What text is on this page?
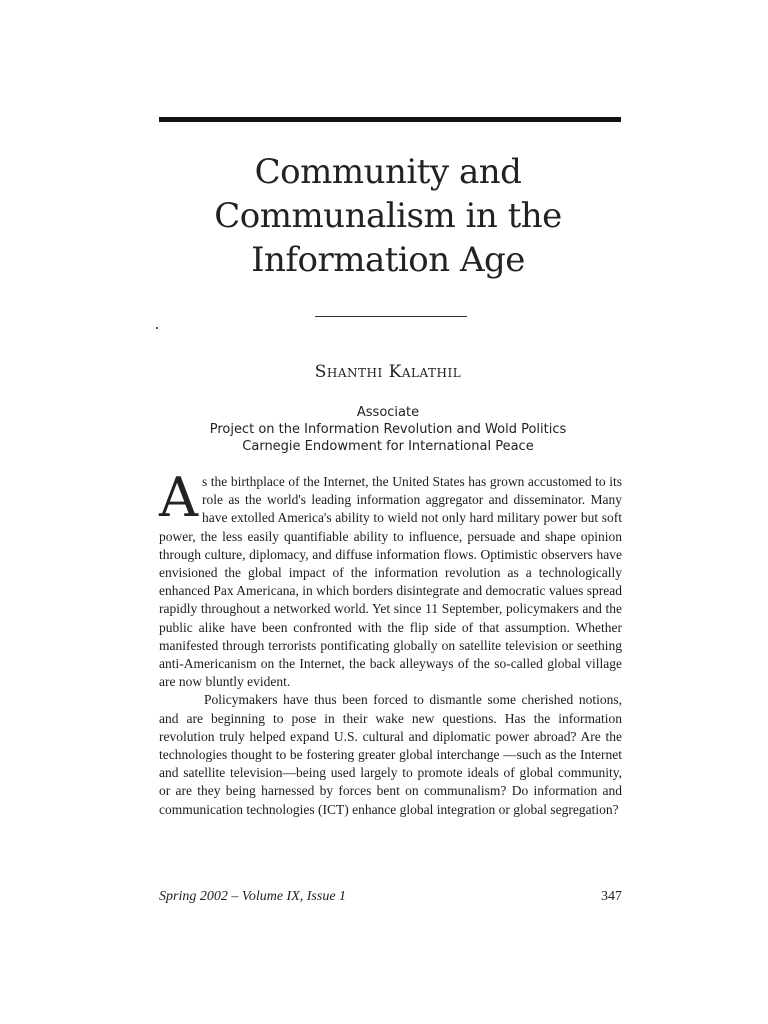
Community and
Communalism in the
Information Age
Shanthi Kalathil
Associate
Project on the Information Revolution and Wold Politics
Carnegie Endowment for International Peace

As the birthplace of the Internet, the United States has grown accustomed to its role as the world's leading information aggregator and disseminator. Many have extolled America's ability to wield not only hard military power but soft power, the less easily quantifiable ability to influence, persuade and shape opinion through culture, diplomacy, and diffuse information flows. Optimistic observers have envisioned the global impact of the information revolution as a technologically enhanced Pax Americana, in which borders disintegrate and democratic values spread rapidly throughout a networked world. Yet since 11 September, policymakers and the public alike have been confronted with the flip side of that assumption. Whether manifested through terrorists pontificating globally on satellite television or seething anti-Americanism on the Internet, the back alleyways of the so-called global village are now bluntly evident.

Policymakers have thus been forced to dismantle some cherished notions, and are beginning to pose in their wake new questions. Has the information revolution truly helped expand U.S. cultural and diplomatic power abroad? Are the technologies thought to be fostering greater global interchange —such as the Internet and satellite television—being used largely to promote ideals of global community, or are they being harnessed by forces bent on communalism? Do information and communication technologies (ICT) enhance global integration or global segregation?

Spring 2002 – Volume IX, Issue 1	347
